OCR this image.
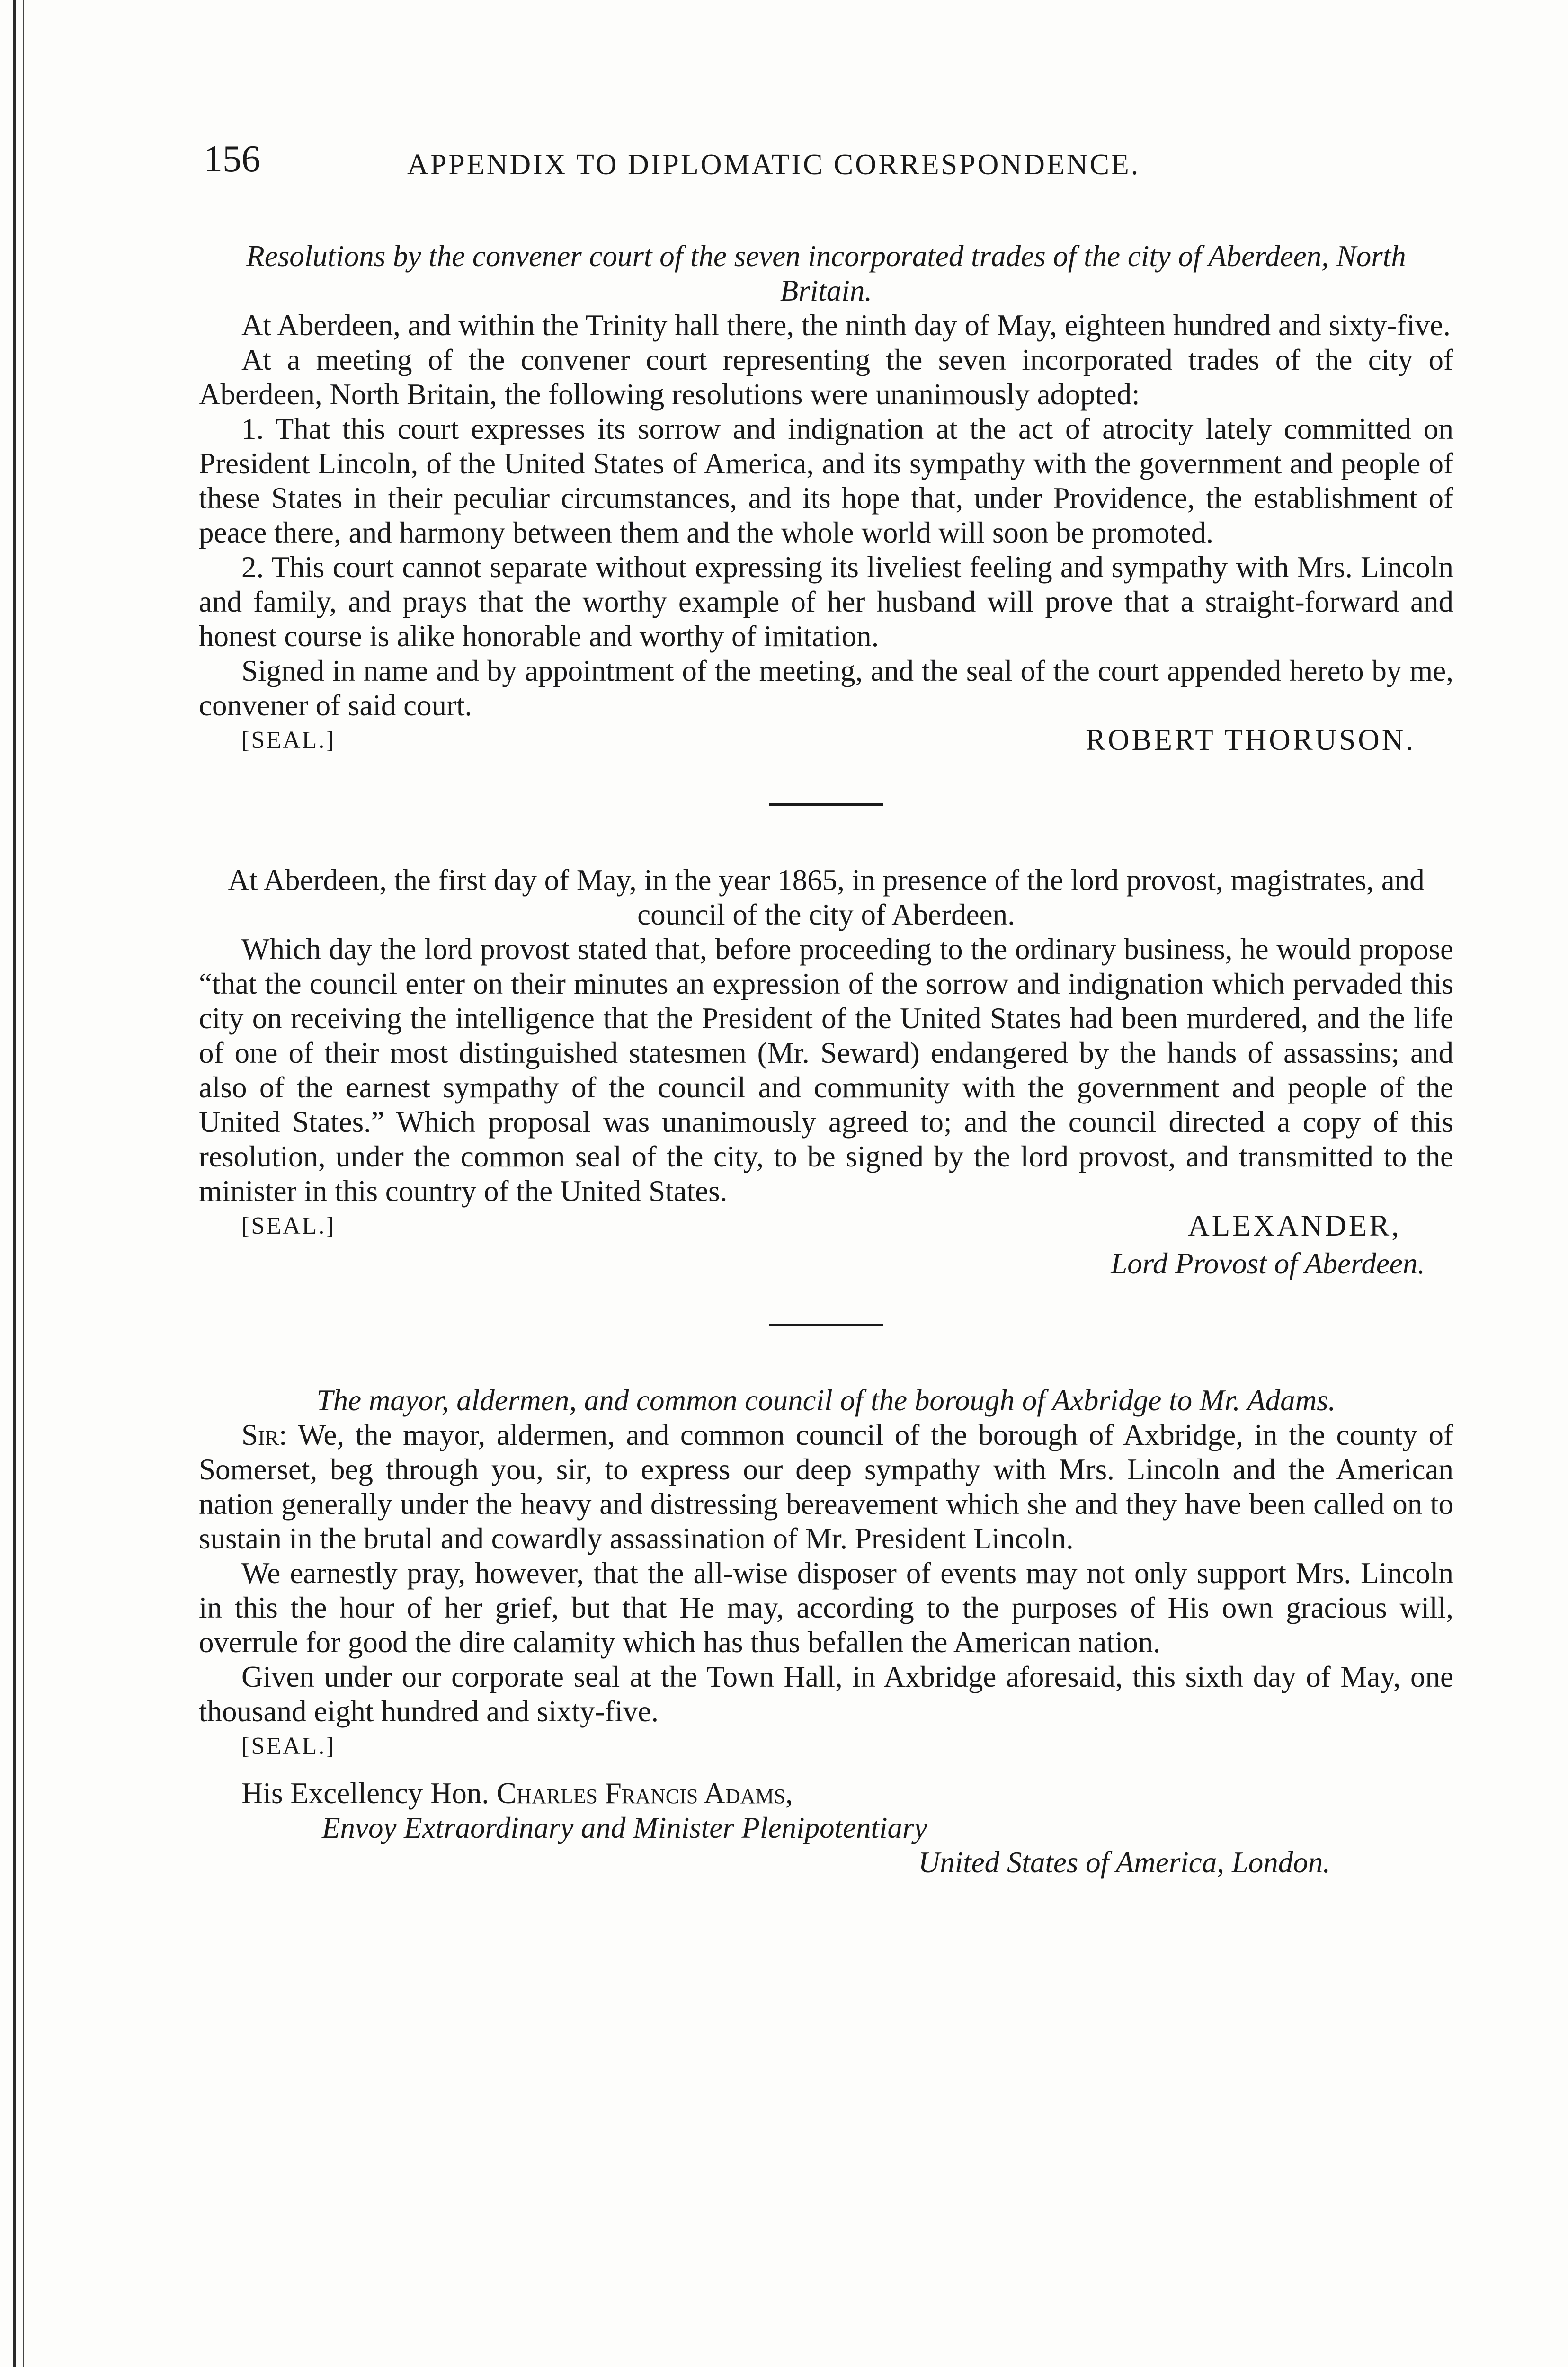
156	APPENDIX TO DIPLOMATIC CORRESPONDENCE.

Resolutions by the convener court of the seven incorporated trades of the city of Aberdeen, North Britain.

At Aberdeen, and within the Trinity hall there, the ninth day of May, eighteen hundred and sixty-five.

At a meeting of the convener court representing the seven incorporated trades of the city of Aberdeen, North Britain, the following resolutions were unanimously adopted:

1. That this court expresses its sorrow and indignation at the act of atrocity lately committed on President Lincoln, of the United States of America, and its sympathy with the government and people of these States in their peculiar circumstances, and its hope that, under Providence, the establishment of peace there, and harmony between them and the whole world will soon be promoted.

2. This court cannot separate without expressing its liveliest feeling and sympathy with Mrs. Lincoln and family, and prays that the worthy example of her husband will prove that a straight-forward and honest course is alike honorable and worthy of imitation.

Signed in name and by appointment of the meeting, and the seal of the court appended hereto by me, convener of said court.

[SEAL.]	ROBERT THORUSON.

At Aberdeen, the first day of May, in the year 1865, in presence of the lord provost, magistrates, and council of the city of Aberdeen.

Which day the lord provost stated that, before proceeding to the ordinary business, he would propose “that the council enter on their minutes an expression of the sorrow and indignation which pervaded this city on receiving the intelligence that the President of the United States had been murdered, and the life of one of their most distinguished statesmen (Mr. Seward) endangered by the hands of assassins; and also of the earnest sympathy of the council and community with the government and people of the United States.” Which proposal was unanimously agreed to; and the council directed a copy of this resolution, under the common seal of the city, to be signed by the lord provost, and transmitted to the minister in this country of the United States.

[SEAL.]	ALEXANDER,
Lord Provost of Aberdeen.

The mayor, aldermen, and common council of the borough of Axbridge to Mr. Adams.

Sir: We, the mayor, aldermen, and common council of the borough of Axbridge, in the county of Somerset, beg through you, sir, to express our deep sympathy with Mrs. Lincoln and the American nation generally under the heavy and distressing bereavement which she and they have been called on to sustain in the brutal and cowardly assassination of Mr. President Lincoln.

We earnestly pray, however, that the all-wise disposer of events may not only support Mrs. Lincoln in this the hour of her grief, but that He may, according to the purposes of His own gracious will, overrule for good the dire calamity which has thus befallen the American nation.

Given under our corporate seal at the Town Hall, in Axbridge aforesaid, this sixth day of May, one thousand eight hundred and sixty-five.

[SEAL.]

His Excellency Hon. Charles Francis Adams,

Envoy Extraordinary and Minister Plenipotentiary

United States of America, London.
